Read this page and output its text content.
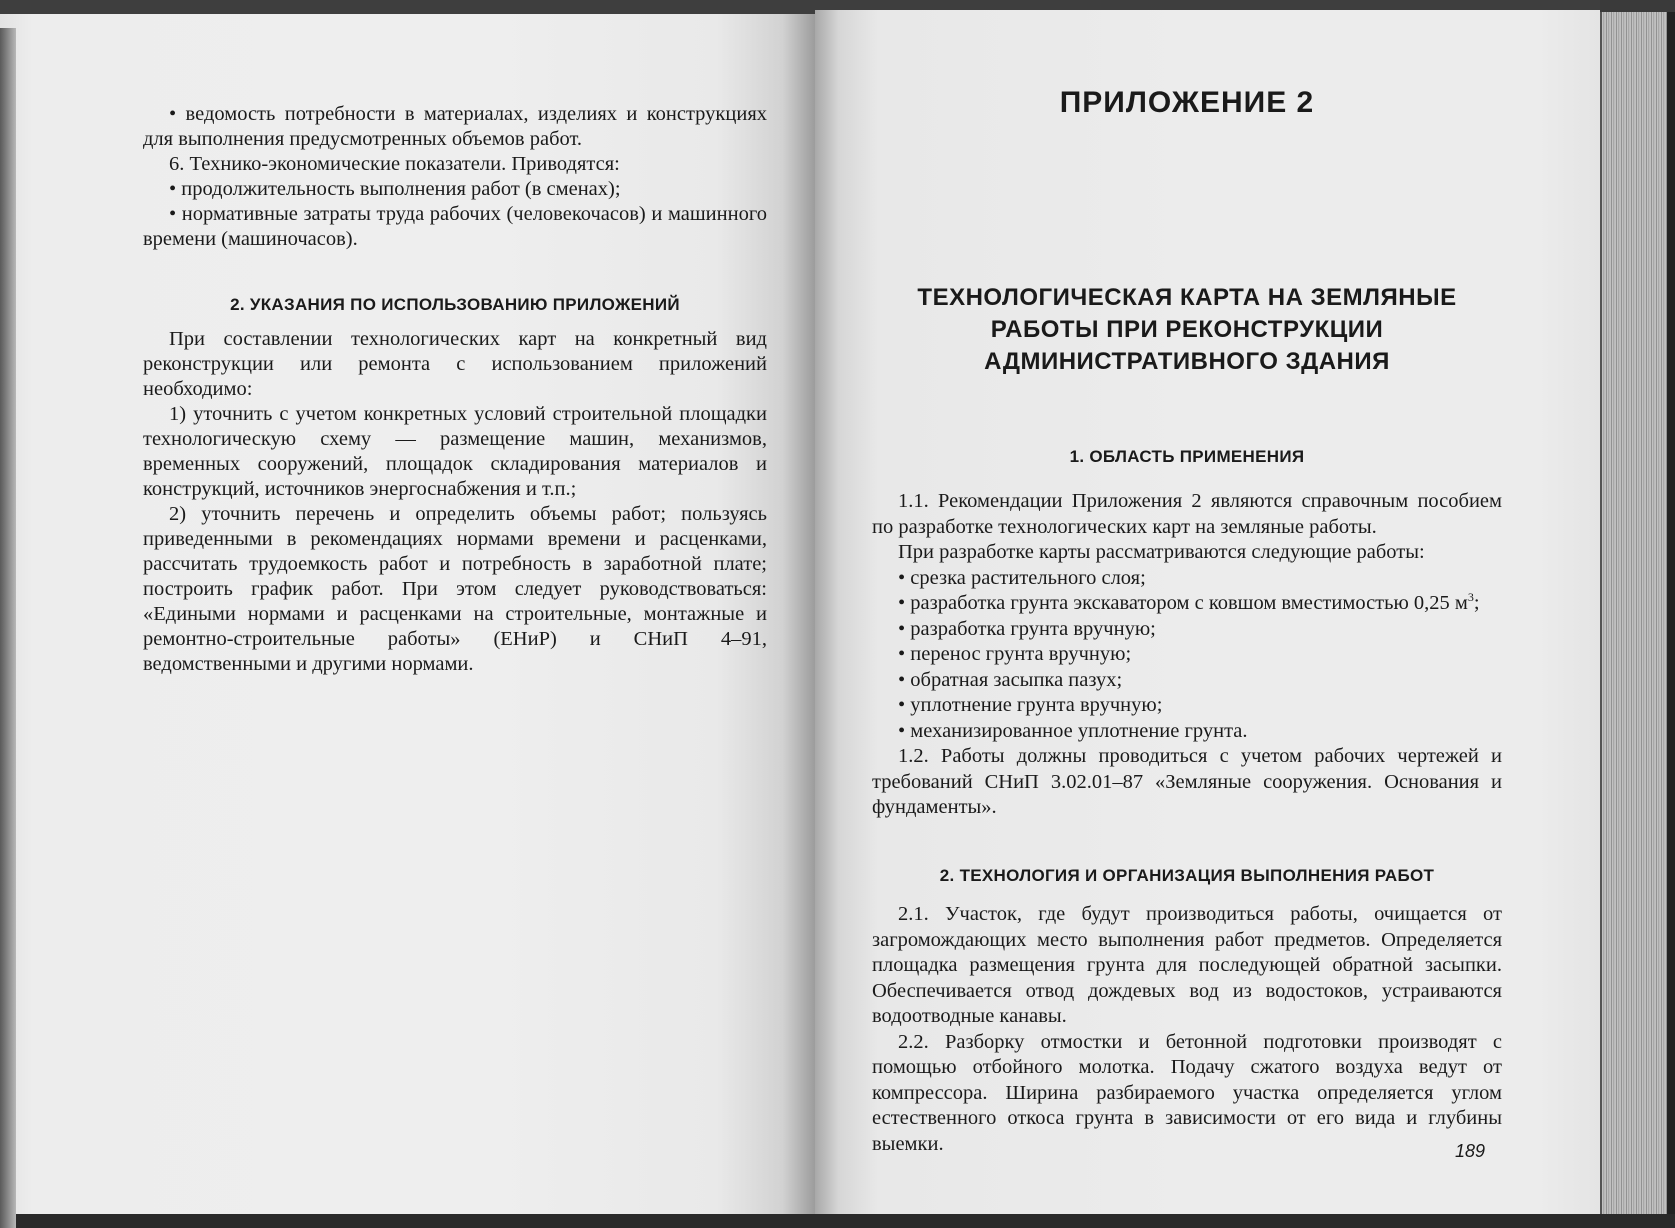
• ведомость потребности в материалах, изделиях и конструкциях для выполнения предусмотренных объемов работ.

6. Технико-экономические показатели. Приводятся:

• продолжительность выполнения работ (в сменах);

• нормативные затраты труда рабочих (человекочасов) и машинного времени (машиночасов).

2. УКАЗАНИЯ ПО ИСПОЛЬЗОВАНИЮ ПРИЛОЖЕНИЙ

При составлении технологических карт на конкретный вид реконструкции или ремонта с использованием приложений необходимо:

1) уточнить с учетом конкретных условий строительной площадки технологическую схему — размещение машин, механизмов, временных сооружений, площадок складирования материалов и конструкций, источников энергоснабжения и т.п.;

2) уточнить перечень и определить объемы работ; пользуясь приведенными в рекомендациях нормами времени и расценками, рассчитать трудоемкость работ и потребность в заработной плате; построить график работ. При этом следует руководствоваться: «Едиными нормами и расценками на строительные, монтажные и ремонтно-строительные работы» (ЕНиР) и СНиП 4–91, ведомственными и другими нормами.

ПРИЛОЖЕНИЕ 2
ТЕХНОЛОГИЧЕСКАЯ КАРТА НА ЗЕМЛЯНЫЕ
РАБОТЫ ПРИ РЕКОНСТРУКЦИИ
АДМИНИСТРАТИВНОГО ЗДАНИЯ
1. ОБЛАСТЬ ПРИМЕНЕНИЯ

1.1. Рекомендации Приложения 2 являются справочным пособием по разработке технологических карт на земляные работы.

При разработке карты рассматриваются следующие работы:

• срезка растительного слоя;

• разработка грунта экскаватором с ковшом вместимостью 0,25 $м^3$;

• разработка грунта вручную;

• перенос грунта вручную;

• обратная засыпка пазух;

• уплотнение грунта вручную;

• механизированное уплотнение грунта.

1.2. Работы должны проводиться с учетом рабочих чертежей и требований СНиП 3.02.01–87 «Земляные сооружения. Основания и фундаменты».

2. ТЕХНОЛОГИЯ И ОРГАНИЗАЦИЯ ВЫПОЛНЕНИЯ РАБОТ

2.1. Участок, где будут производиться работы, очищается от загромождающих место выполнения работ предметов. Определяется площадка размещения грунта для последующей обратной засыпки. Обеспечивается отвод дождевых вод из водостоков, устраиваются водоотводные канавы.

2.2. Разборку отмостки и бетонной подготовки производят с помощью отбойного молотка. Подачу сжатого воздуха ведут от компрессора. Ширина разбираемого участка определяется углом естественного откоса грунта в зависимости от его вида и глубины выемки.	189
